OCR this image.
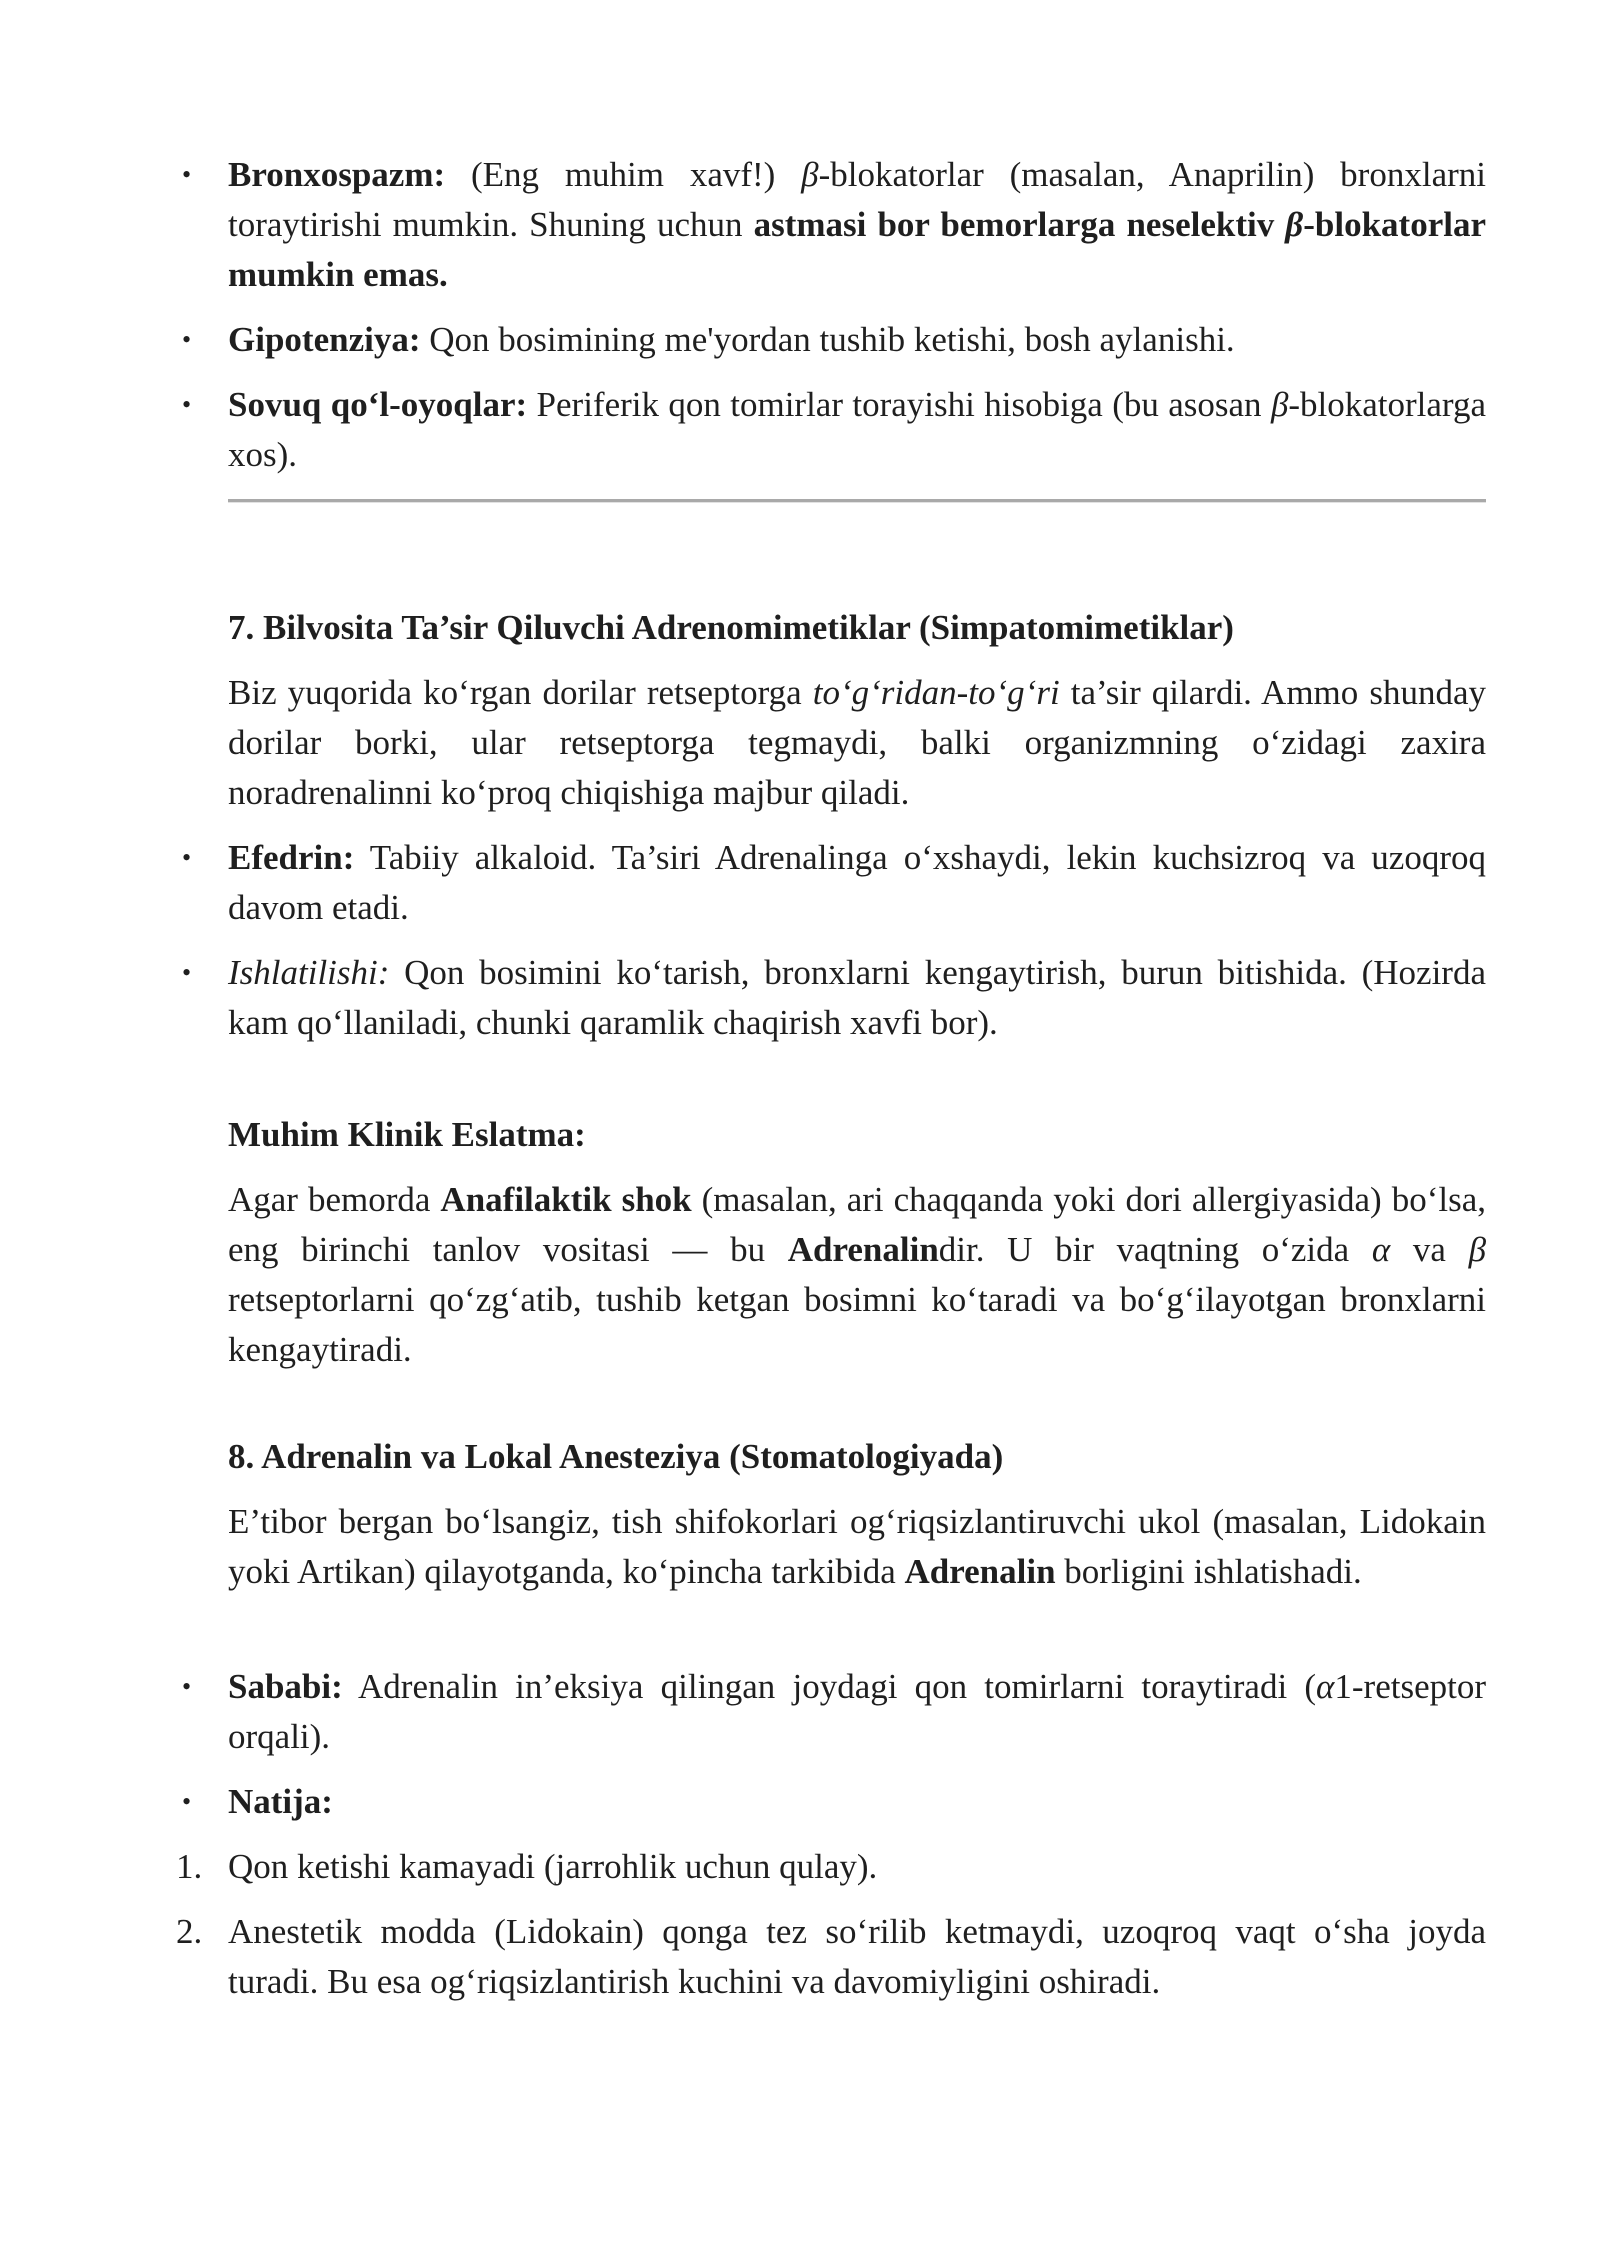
• Bronxospazm: (Eng muhim xavf!) β-blokatorlar (masalan, Anaprilin) bronxlarni toraytirishi mumkin. Shuning uchun astmasi bor bemorlarga neselektiv β-blokatorlar mumkin emas.
• Gipotenziya: Qon bosimining me'yordan tushib ketishi, bosh aylanishi.
• Sovuq qo‘l-oyoqlar: Periferik qon tomirlar torayishi hisobiga (bu asosan β-blokatorlarga xos).
7. Bilvosita Ta’sir Qiluvchi Adrenomimetiklar (Simpatomimetiklar)
Biz yuqorida ko‘rgan dorilar retseptorga to‘g‘ridan-to‘g‘ri ta’sir qilardi. Ammo shunday dorilar borki, ular retseptorga tegmaydi, balki organizmning o‘zidagi zaxira noradrenalinni ko‘proq chiqishiga majbur qiladi.
• Efedrin: Tabiiy alkaloid. Ta’siri Adrenalinga o‘xshaydi, lekin kuchsizroq va uzoqroq davom etadi.
• Ishlatilishi: Qon bosimini ko‘tarish, bronxlarni kengaytirish, burun bitishida. (Hozirda kam qo‘llaniladi, chunki qaramlik chaqirish xavfi bor).
Muhim Klinik Eslatma:
Agar bemorda Anafilaktik shok (masalan, ari chaqqanda yoki dori allergiyasida) bo‘lsa, eng birinchi tanlov vositasi — bu Adrenalindir. U bir vaqtning o‘zida α va β retseptorlarni qo‘zg‘atib, tushib ketgan bosimni ko‘taradi va bo‘g‘ilayotgan bronxlarni kengaytiradi.
8. Adrenalin va Lokal Anesteziya (Stomatologiyada)
E’tibor bergan bo‘lsangiz, tish shifokorlari og‘riqsizlantiruvchi ukol (masalan, Lidokain yoki Artikan) qilayotganda, ko‘pincha tarkibida Adrenalin borligini ishlatishadi.
• Sababi: Adrenalin in’eksiya qilingan joydagi qon tomirlarni toraytiradi (α1-retseptor orqali).
• Natija:
1. Qon ketishi kamayadi (jarrohlik uchun qulay).
2. Anestetik modda (Lidokain) qonga tez so‘rilib ketmaydi, uzoqroq vaqt o‘sha joyda turadi. Bu esa og‘riqsizlantirish kuchini va davomiyligini oshiradi.
